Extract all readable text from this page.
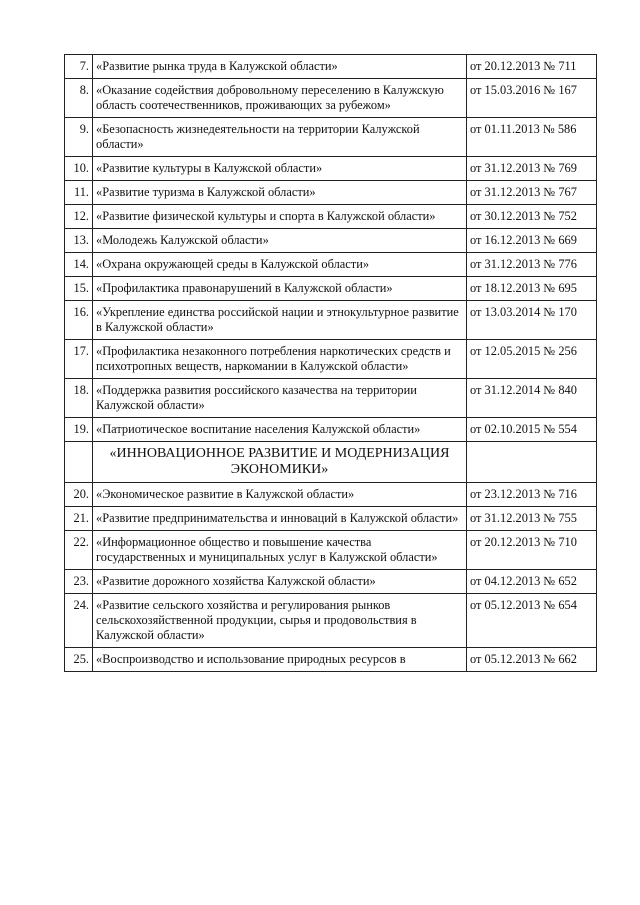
7.	«Развитие рынка труда в Калужской области»	от 20.12.2013 № 711
8.	«Оказание содействия добровольному переселению в Калужскую область соотечественников, проживающих за рубежом»	от 15.03.2016 № 167
9.	«Безопасность жизнедеятельности на территории Калужской области»	от 01.11.2013 № 586
10.	«Развитие культуры в Калужской области»	от 31.12.2013 № 769
11.	«Развитие туризма в Калужской области»	от 31.12.2013 № 767
12.	«Развитие физической культуры и спорта в Калужской области»	от 30.12.2013 № 752
13.	«Молодежь Калужской области»	от 16.12.2013 № 669
14.	«Охрана окружающей среды в Калужской области»	от 31.12.2013 № 776
15.	«Профилактика правонарушений в Калужской области»	от 18.12.2013 № 695
16.	«Укрепление единства российской нации и этнокультурное развитие в Калужской области»	от 13.03.2014 № 170
17.	«Профилактика незаконного потребления наркотических средств и психотропных веществ, наркомании в Калужской области»	от 12.05.2015 № 256
18.	«Поддержка развития российского казачества на территории Калужской области»	от 31.12.2014 № 840
19.	«Патриотическое воспитание населения Калужской области»	от 02.10.2015 № 554
	«ИННОВАЦИОННОЕ РАЗВИТИЕ И МОДЕРНИЗАЦИЯ ЭКОНОМИКИ»	
20.	«Экономическое развитие в Калужской области»	от 23.12.2013 № 716
21.	«Развитие предпринимательства и инноваций в Калужской области»	от 31.12.2013 № 755
22.	«Информационное общество и повышение качества государственных и муниципальных услуг в Калужской области»	от 20.12.2013 № 710
23.	«Развитие дорожного хозяйства Калужской области»	от 04.12.2013 № 652
24.	«Развитие сельского хозяйства и регулирования рынков сельскохозяйственной продукции, сырья и продовольствия в Калужской области»	от 05.12.2013 № 654
25.	«Воспроизводство и использование природных ресурсов в	от 05.12.2013 № 662
